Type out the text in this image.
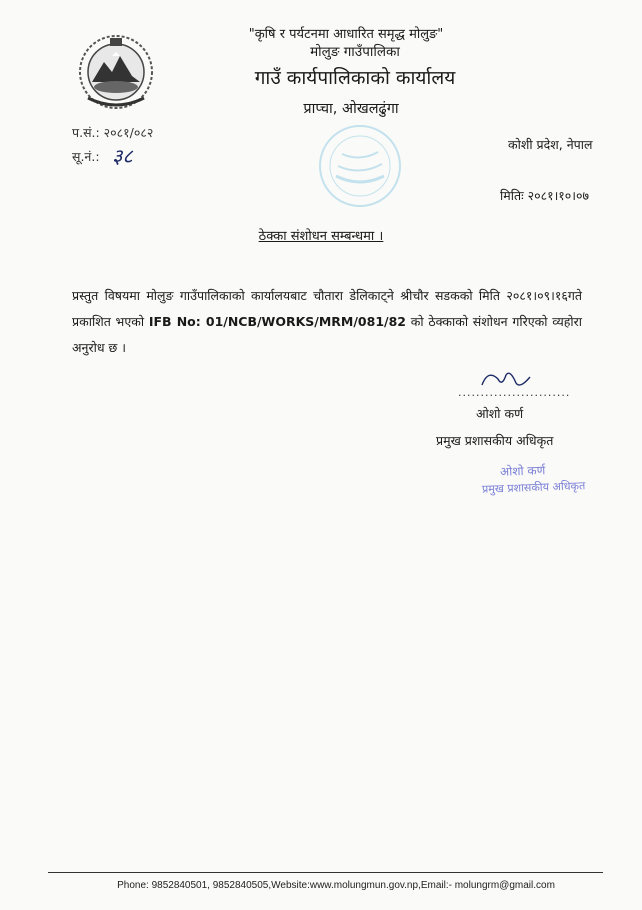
"कृषि र पर्यटनमा आधारित समृद्ध मोलुङ"
मोलुङ गाउँपालिका
गाउँ कार्यपालिकाको कार्यालय
प्राप्चा, ओखलढुंगा
प.सं.: २०८१/०८२
सू.नं.: ३८	कोशी प्रदेश, नेपाल
मितिः २०८१।१०।०७
ठेक्का संशोधन सम्बन्धमा ।
प्रस्तुत विषयमा मोलुङ गाउँपालिकाको कार्यालयबाट चौतारा डेलिकाट्ने श्रीचौर सडकको मिति २०८१।०९।१६गते प्रकाशित भएको IFB No: 01/NCB/WORKS/MRM/081/82 को ठेक्काको संशोधन गरिएको व्यहोरा अनुरोध छ ।
.........................
ओशो कर्ण
प्रमुख प्रशासकीय अधिकृत
ओशो कर्ण
प्रमुख प्रशासकीय अधिकृत
Phone: 9852840501, 9852840505,Website:www.molungmun.gov.np,Email:- molungrm@gmail.com
